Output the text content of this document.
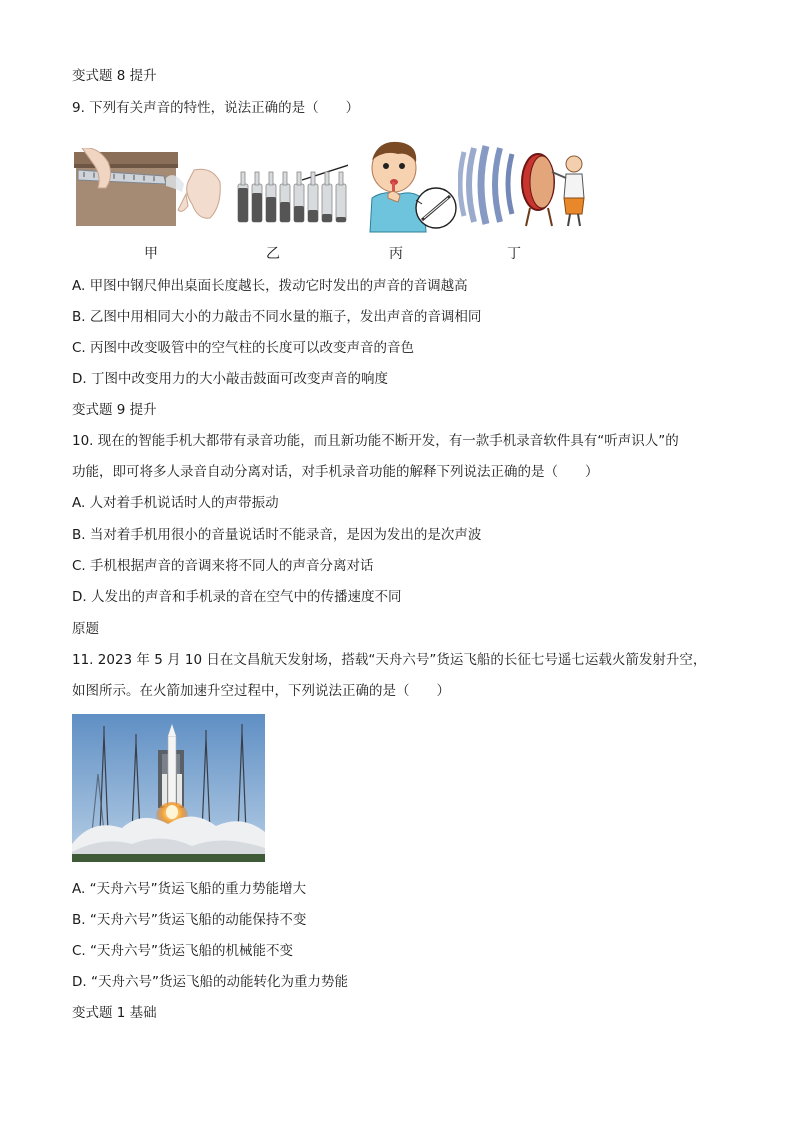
变式题 8 提升
9. 下列有关声音的特性，说法正确的是（　　）
甲	乙	丙	丁
A. 甲图中钢尺伸出桌面长度越长，拨动它时发出的声音的音调越高
B. 乙图中用相同大小的力敲击不同水量的瓶子，发出声音的音调相同
C. 丙图中改变吸管中的空气柱的长度可以改变声音的音色
D. 丁图中改变用力的大小敲击鼓面可改变声音的响度
变式题 9 提升
10. 现在的智能手机大都带有录音功能，而且新功能不断开发，有一款手机录音软件具有“听声识人”的
功能，即可将多人录音自动分离对话，对手机录音功能的解释下列说法正确的是（　　）
A. 人对着手机说话时人的声带振动
B. 当对着手机用很小的音量说话时不能录音，是因为发出的是次声波
C. 手机根据声音的音调来将不同人的声音分离对话
D. 人发出的声音和手机录的音在空气中的传播速度不同
原题
11. 2023 年 5 月 10 日在文昌航天发射场，搭载“天舟六号”货运飞船的长征七号遥七运载火箭发射升空，
如图所示。在火箭加速升空过程中，下列说法正确的是（　　）
A. “天舟六号”货运飞船的重力势能增大
B. “天舟六号”货运飞船的动能保持不变
C. “天舟六号”货运飞船的机械能不变
D. “天舟六号”货运飞船的动能转化为重力势能
变式题 1 基础
